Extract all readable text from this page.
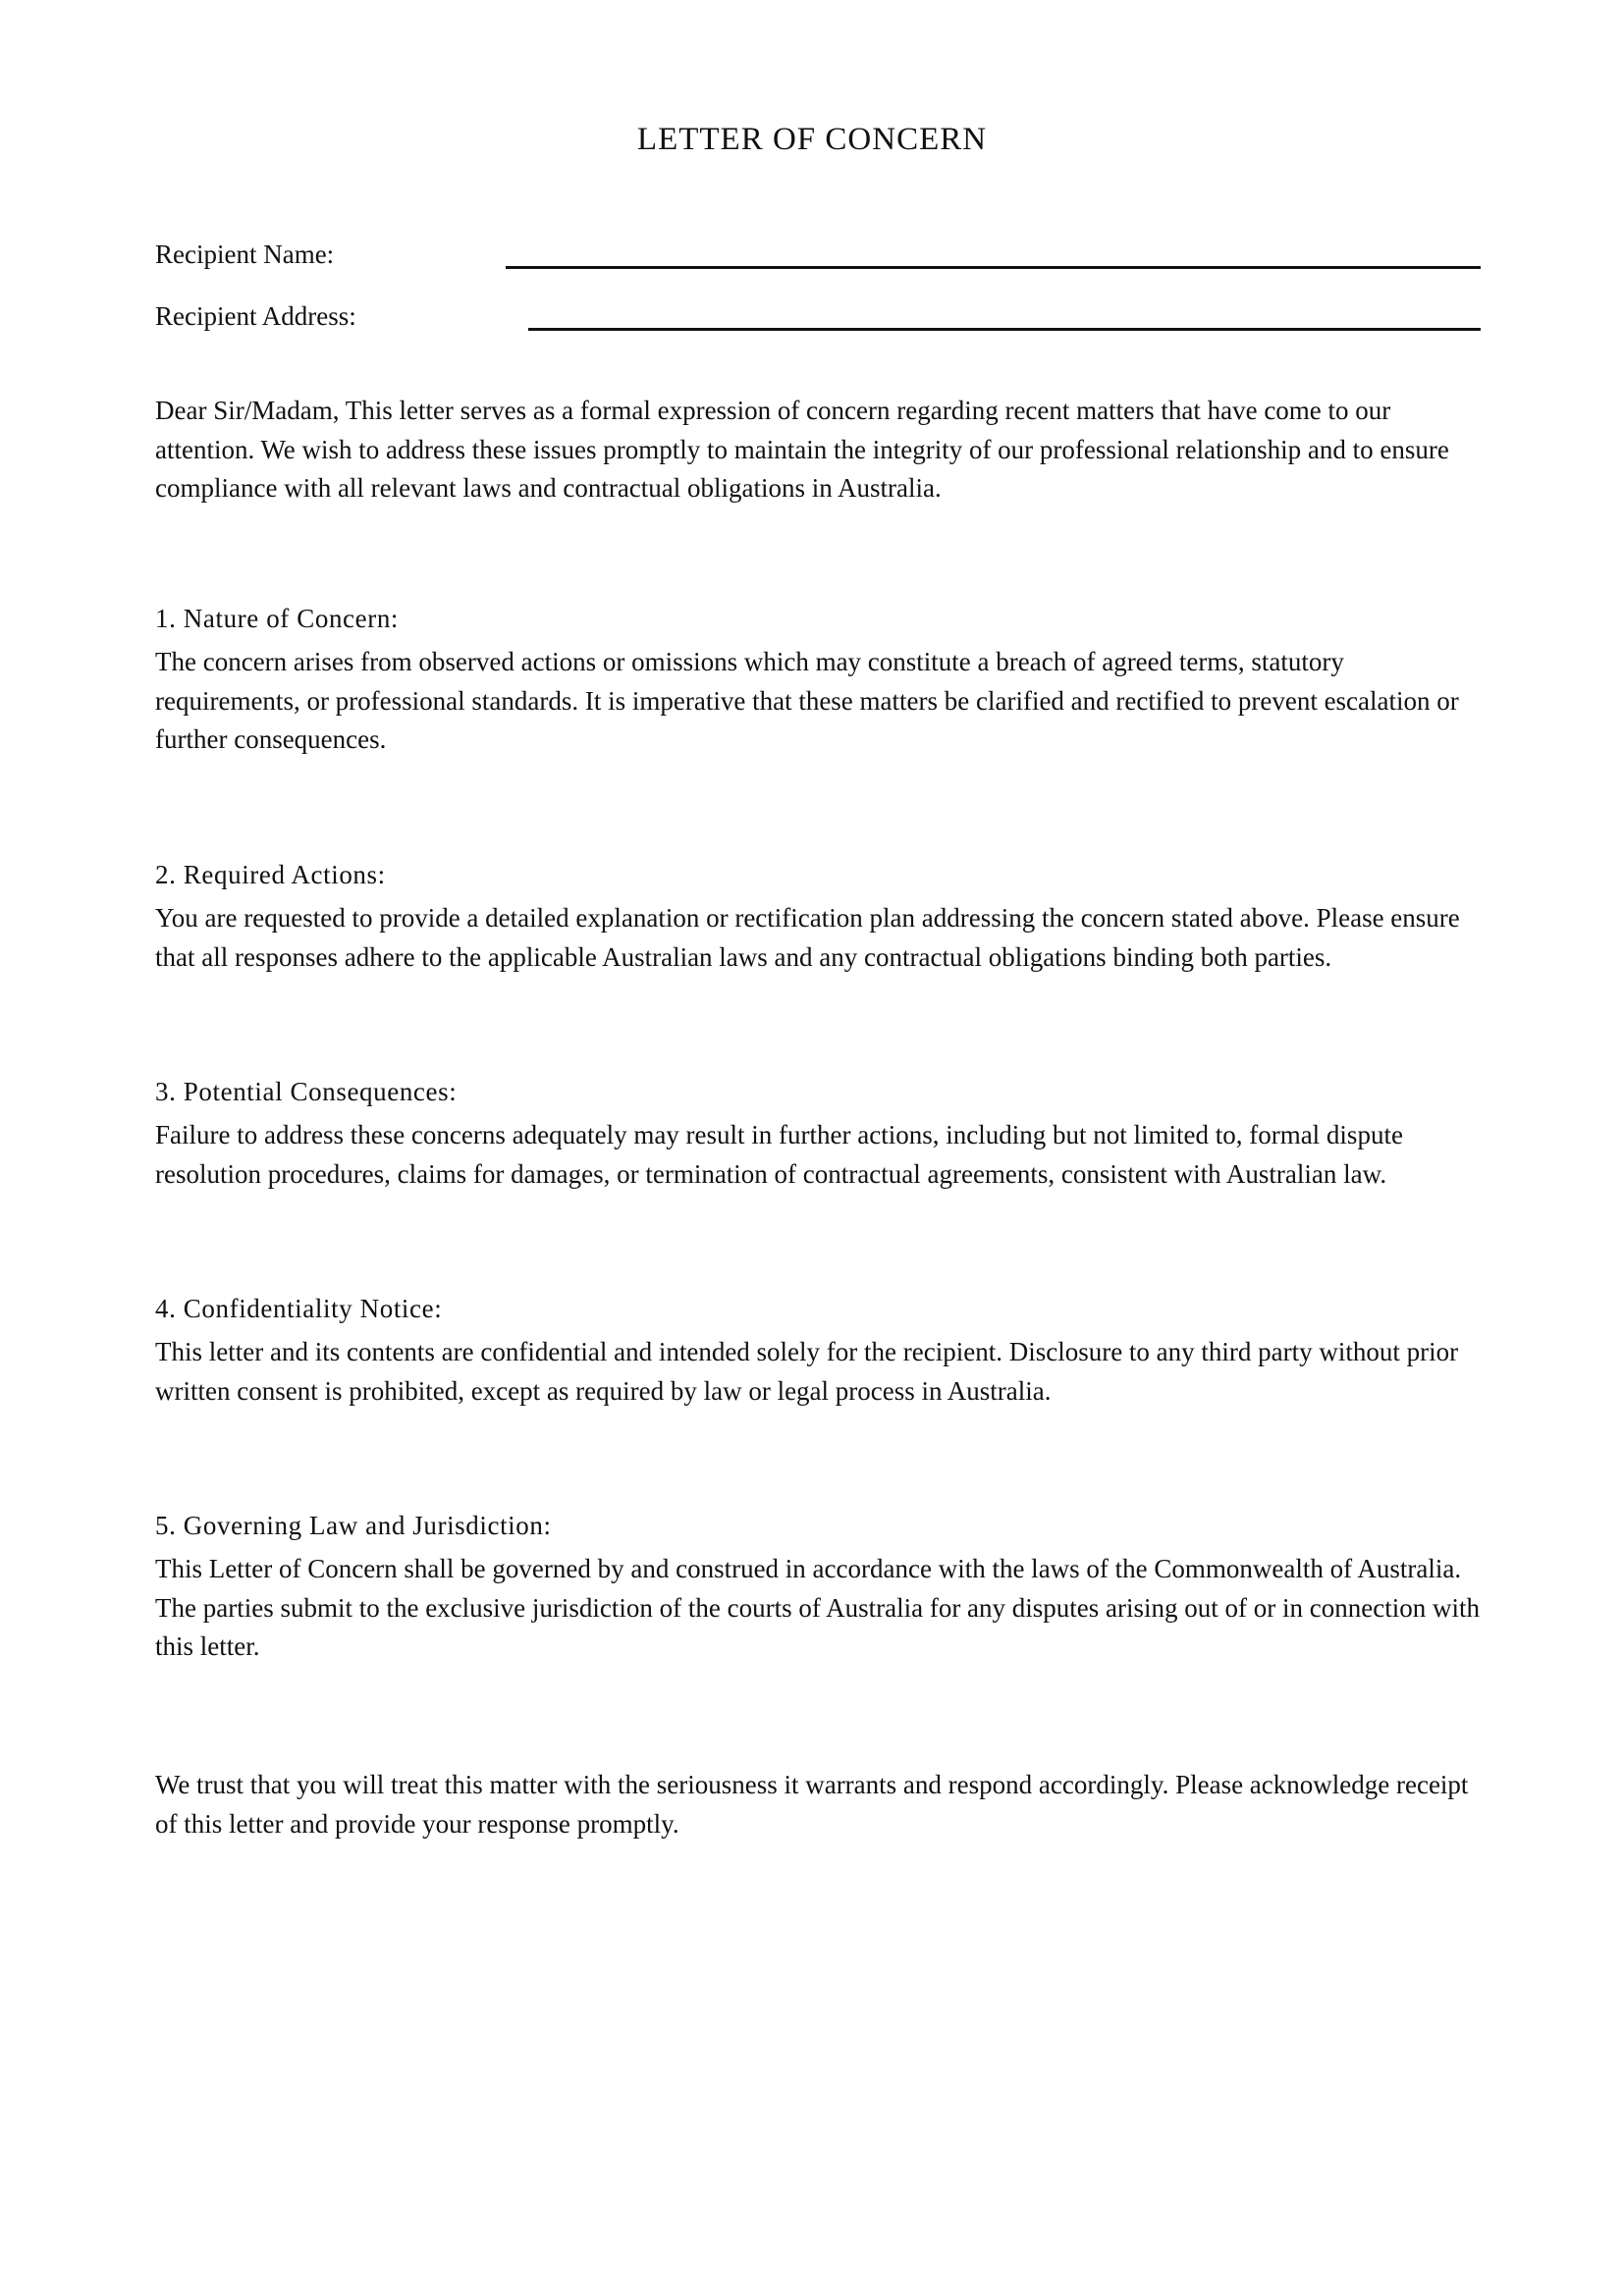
LETTER OF CONCERN
Recipient Name:
Recipient Address:

Dear Sir/Madam, This letter serves as a formal expression of concern regarding recent matters that have come to our attention. We wish to address these issues promptly to maintain the integrity of our professional relationship and to ensure compliance with all relevant laws and contractual obligations in Australia.

1. Nature of Concern:

The concern arises from observed actions or omissions which may constitute a breach of agreed terms, statutory requirements, or professional standards. It is imperative that these matters be clarified and rectified to prevent escalation or further consequences.

2. Required Actions:

You are requested to provide a detailed explanation or rectification plan addressing the concern stated above. Please ensure that all responses adhere to the applicable Australian laws and any contractual obligations binding both parties.

3. Potential Consequences:

Failure to address these concerns adequately may result in further actions, including but not limited to, formal dispute resolution procedures, claims for damages, or termination of contractual agreements, consistent with Australian law.

4. Confidentiality Notice:

This letter and its contents are confidential and intended solely for the recipient. Disclosure to any third party without prior written consent is prohibited, except as required by law or legal process in Australia.

5. Governing Law and Jurisdiction:

This Letter of Concern shall be governed by and construed in accordance with the laws of the Commonwealth of Australia. The parties submit to the exclusive jurisdiction of the courts of Australia for any disputes arising out of or in connection with this letter.

We trust that you will treat this matter with the seriousness it warrants and respond accordingly. Please acknowledge receipt of this letter and provide your response promptly.
